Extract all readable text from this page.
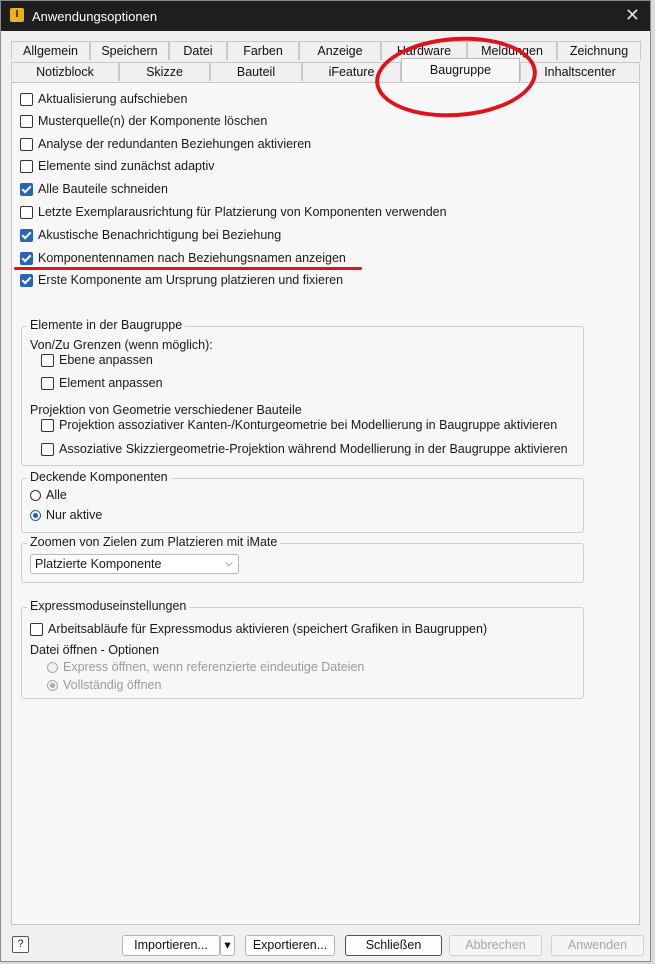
I	Anwendungsoptionen	✕
Allgemein	Speichern	Datei	Farben	Anzeige	Hardware	Meldungen	Zeichnung
Notizblock	Skizze	Bauteil	iFeature	Baugruppe	Inhaltscenter
Aktualisierung aufschieben
Musterquelle(n) der Komponente löschen
Analyse der redundanten Beziehungen aktivieren
Elemente sind zunächst adaptiv
Alle Bauteile schneiden
Letzte Exemplarausrichtung für Platzierung von Komponenten verwenden
Akustische Benachrichtigung bei Beziehung
Komponentennamen nach Beziehungsnamen anzeigen
Erste Komponente am Ursprung platzieren und fixieren
Elemente in der Baugruppe
Von/Zu Grenzen (wenn möglich):
Ebene anpassen
Element anpassen
Projektion von Geometrie verschiedener Bauteile
Projektion assoziativer Kanten-/Konturgeometrie bei Modellierung in Baugruppe aktivieren
Assoziative Skizziergeometrie-Projektion während Modellierung in der Baugruppe aktivieren
Deckende Komponenten
Alle
Nur aktive
Zoomen von Zielen zum Platzieren mit iMate
Platzierte Komponente	⌵
Expressmoduseinstellungen
Arbeitsabläufe für Expressmodus aktivieren (speichert Grafiken in Baugruppen)
Datei öffnen - Optionen
Express öffnen, wenn referenzierte eindeutige Dateien
Vollständig öffnen
?	Importieren...	▾	Exportieren...	Schließen	Abbrechen	Anwenden
